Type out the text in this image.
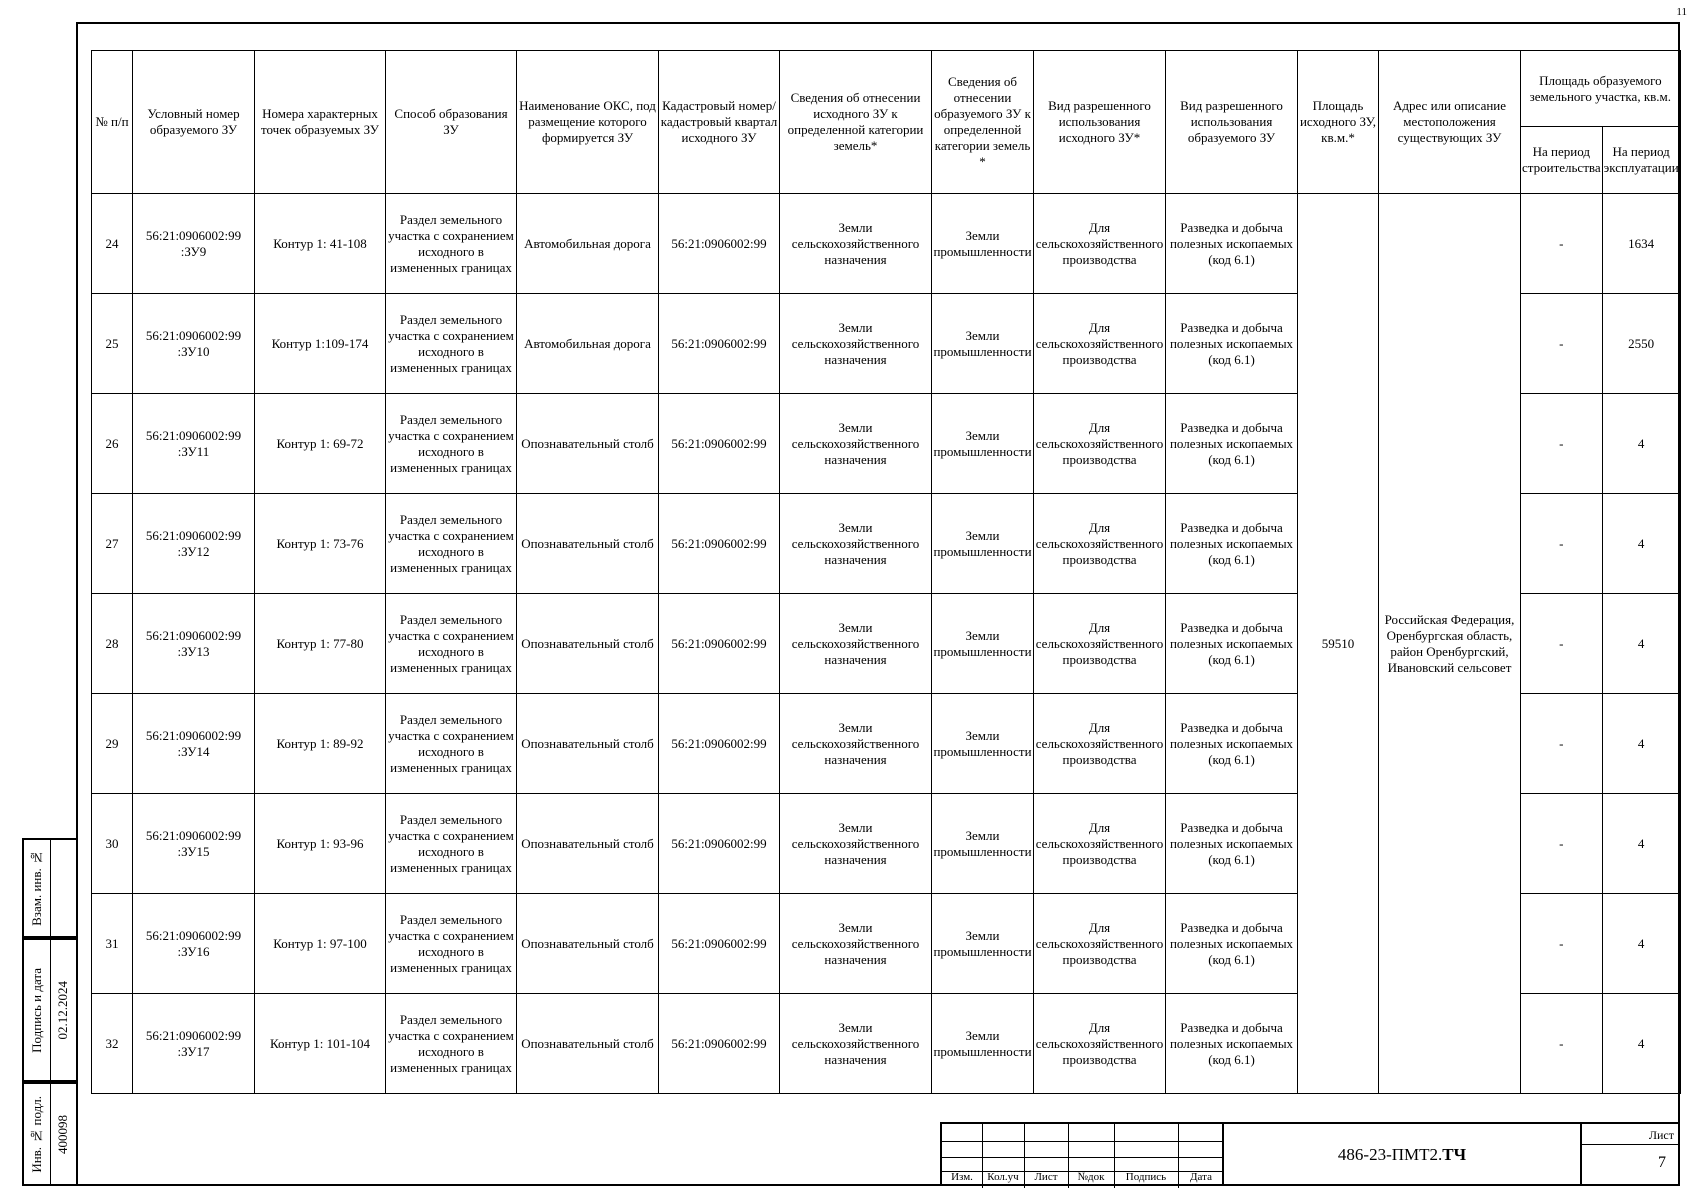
11
Взам. инв. №
Подпись и дата 02.12.2024
Инв. № подл. 400098
№ п/п	Условный номер образуемого ЗУ	Номера характерных точек образуемых ЗУ	Способ образования ЗУ	Наименование ОКС, под размещение которого формируется ЗУ	Кадастровый номер/ кадастровый квартал исходного ЗУ	Сведения об отнесении исходного ЗУ к определенной категории земель*	Сведения об отнесении образуемого ЗУ к определенной категории земель *	Вид разрешенного использования исходного ЗУ*	Вид разрешенного использования образуемого ЗУ	Площадь исходного ЗУ, кв.м.*	Адрес или описание местоположения существующих ЗУ	Площадь образуемого земельного участка, кв.м.	
												На период строительства	На период эксплуатации
24	56:21:0906002:99 :ЗУ9	Контур 1: 41-108	Раздел земельного участка с сохранением исходного в измененных границах	Автомобильная дорога	56:21:0906002:99	Земли сельскохозяйственного назначения	Земли промышленности	Для сельскохозяйственного производства	Разведка и добыча полезных ископаемых (код 6.1)	59510	Российская Федерация, Оренбургская область, район Оренбургский, Ивановский сельсовет	-	1634
25	56:21:0906002:99 :ЗУ10	Контур 1:109-174	Раздел земельного участка с сохранением исходного в измененных границах	Автомобильная дорога	56:21:0906002:99	Земли сельскохозяйственного назначения	Земли промышленности	Для сельскохозяйственного производства	Разведка и добыча полезных ископаемых (код 6.1)			-	2550
26	56:21:0906002:99 :ЗУ11	Контур 1: 69-72	Раздел земельного участка с сохранением исходного в измененных границах	Опознавательный столб	56:21:0906002:99	Земли сельскохозяйственного назначения	Земли промышленности	Для сельскохозяйственного производства	Разведка и добыча полезных ископаемых (код 6.1)			-	4
27	56:21:0906002:99 :ЗУ12	Контур 1: 73-76	Раздел земельного участка с сохранением исходного в измененных границах	Опознавательный столб	56:21:0906002:99	Земли сельскохозяйственного назначения	Земли промышленности	Для сельскохозяйственного производства	Разведка и добыча полезных ископаемых (код 6.1)			-	4
28	56:21:0906002:99 :ЗУ13	Контур 1: 77-80	Раздел земельного участка с сохранением исходного в измененных границах	Опознавательный столб	56:21:0906002:99	Земли сельскохозяйственного назначения	Земли промышленности	Для сельскохозяйственного производства	Разведка и добыча полезных ископаемых (код 6.1)			-	4
29	56:21:0906002:99 :ЗУ14	Контур 1: 89-92	Раздел земельного участка с сохранением исходного в измененных границах	Опознавательный столб	56:21:0906002:99	Земли сельскохозяйственного назначения	Земли промышленности	Для сельскохозяйственного производства	Разведка и добыча полезных ископаемых (код 6.1)			-	4
30	56:21:0906002:99 :ЗУ15	Контур 1: 93-96	Раздел земельного участка с сохранением исходного в измененных границах	Опознавательный столб	56:21:0906002:99	Земли сельскохозяйственного назначения	Земли промышленности	Для сельскохозяйственного производства	Разведка и добыча полезных ископаемых (код 6.1)			-	4
31	56:21:0906002:99 :ЗУ16	Контур 1: 97-100	Раздел земельного участка с сохранением исходного в измененных границах	Опознавательный столб	56:21:0906002:99	Земли сельскохозяйственного назначения	Земли промышленности	Для сельскохозяйственного производства	Разведка и добыча полезных ископаемых (код 6.1)			-	4
32	56:21:0906002:99 :ЗУ17	Контур 1: 101-104	Раздел земельного участка с сохранением исходного в измененных границах	Опознавательный столб	56:21:0906002:99	Земли сельскохозяйственного назначения	Земли промышленности	Для сельскохозяйственного производства	Разведка и добыча полезных ископаемых (код 6.1)			-	4
Изм.	Кол.уч	Лист	№док	Подпись	Дата
486-23-ПМТ2. ТЧ
Лист
7
